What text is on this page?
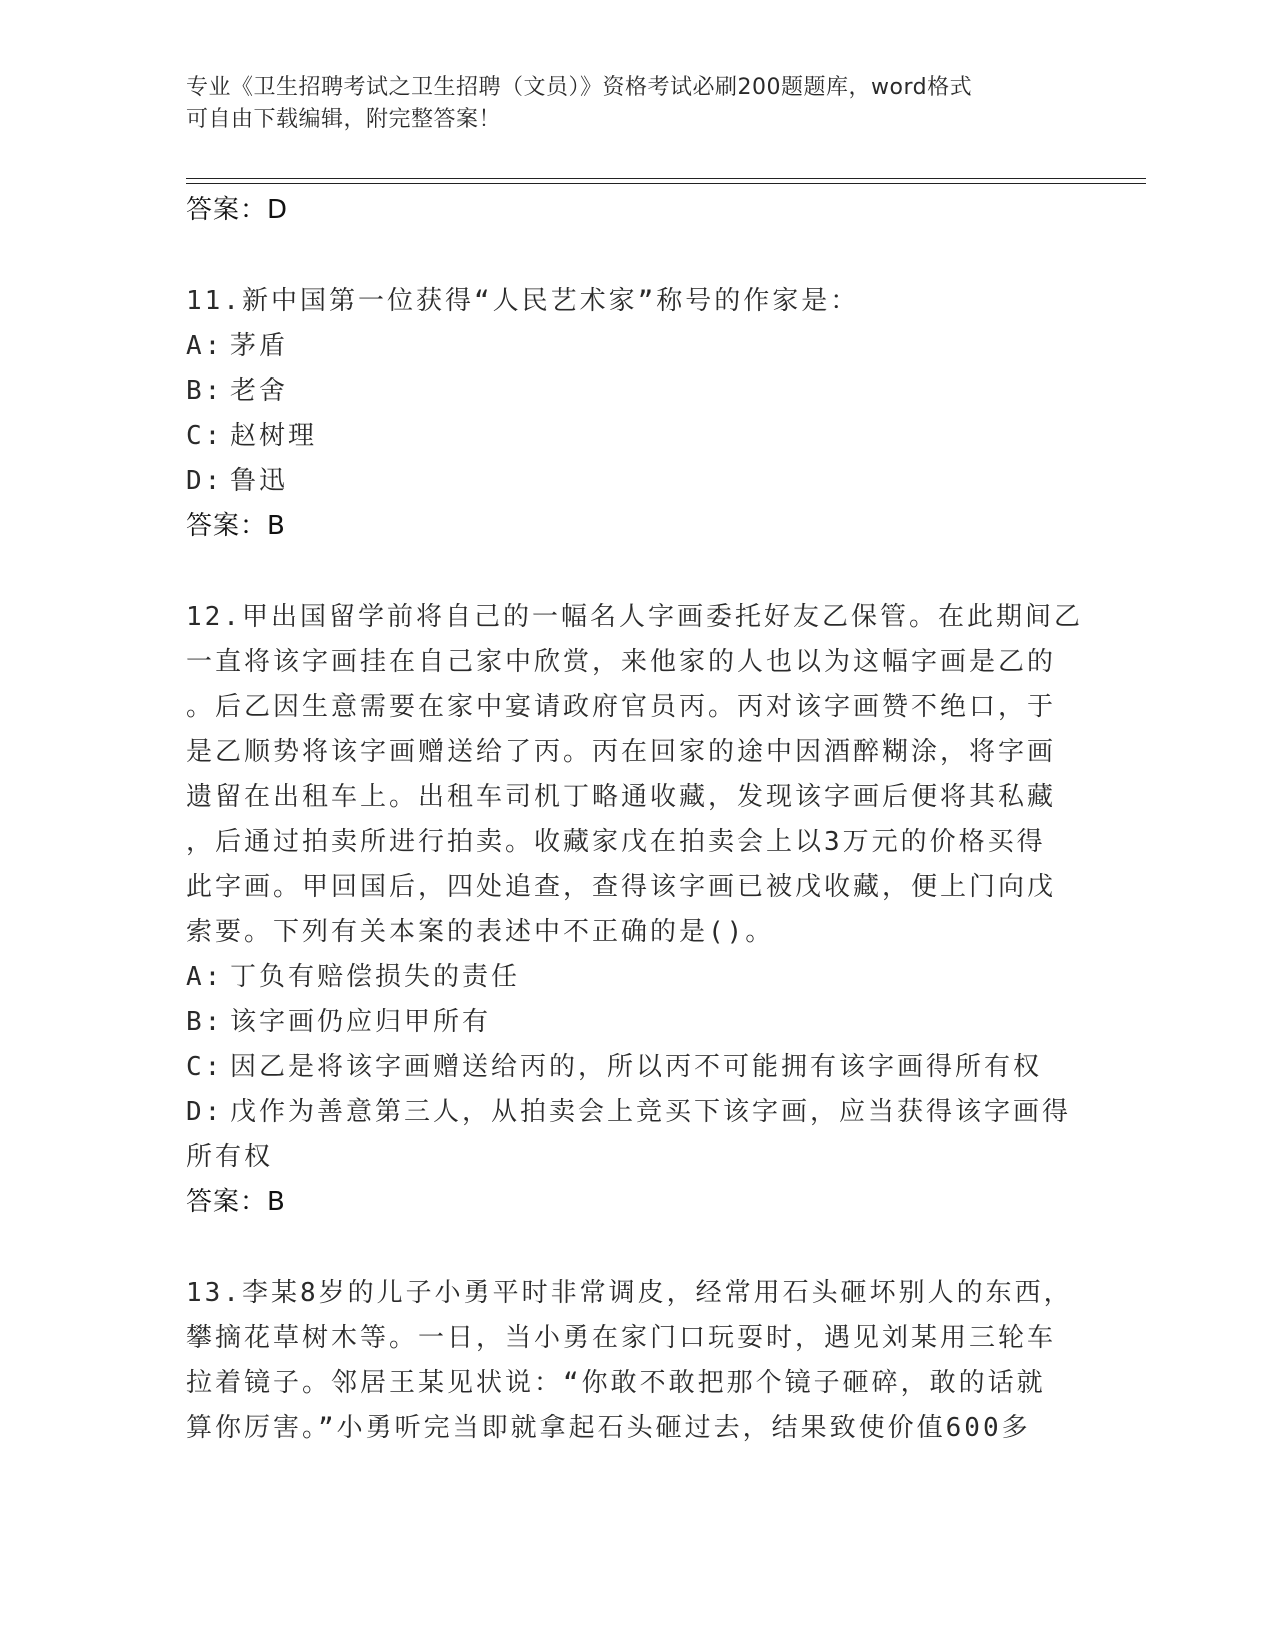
专业《卫生招聘考试之卫生招聘（文员）》资格考试必刷200题题库，word格式
可自由下载编辑，附完整答案！
答案：D
11.新中国第一位获得“人民艺术家”称号的作家是：
A: 茅盾
B: 老舍
C: 赵树理
D: 鲁迅
答案：B
12.甲出国留学前将自己的一幅名人字画委托好友乙保管。在此期间乙
一直将该字画挂在自己家中欣赏，来他家的人也以为这幅字画是乙的
。后乙因生意需要在家中宴请政府官员丙。丙对该字画赞不绝口，于
是乙顺势将该字画赠送给了丙。丙在回家的途中因酒醉糊涂，将字画
遗留在出租车上。出租车司机丁略通收藏，发现该字画后便将其私藏
，后通过拍卖所进行拍卖。收藏家戊在拍卖会上以3万元的价格买得
此字画。甲回国后，四处追查，查得该字画已被戊收藏，便上门向戊
索要。下列有关本案的表述中不正确的是()。
A: 丁负有赔偿损失的责任
B: 该字画仍应归甲所有
C: 因乙是将该字画赠送给丙的，所以丙不可能拥有该字画得所有权
D: 戊作为善意第三人，从拍卖会上竞买下该字画，应当获得该字画得
所有权
答案：B
13.李某8岁的儿子小勇平时非常调皮，经常用石头砸坏别人的东西，
攀摘花草树木等。一日，当小勇在家门口玩耍时，遇见刘某用三轮车
拉着镜子。邻居王某见状说：“你敢不敢把那个镜子砸碎，敢的话就
算你厉害。”小勇听完当即就拿起石头砸过去，结果致使价值600多
